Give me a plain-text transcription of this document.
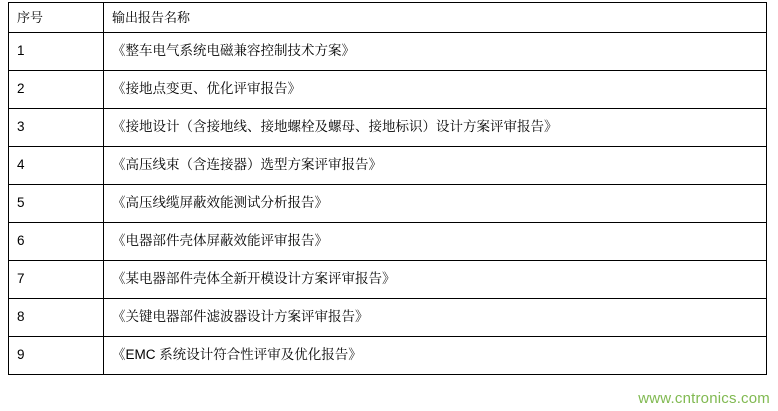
序号	输出报告名称
1	《整车电气系统电磁兼容控制技术方案》
2	《接地点变更、优化评审报告》
3	《接地设计（含接地线、接地螺栓及螺母、接地标识）设计方案评审报告》
4	《高压线束（含连接器）选型方案评审报告》
5	《高压线缆屏蔽效能测试分析报告》
6	《电器部件壳体屏蔽效能评审报告》
7	《某电器部件壳体全新开模设计方案评审报告》
8	《关键电器部件滤波器设计方案评审报告》
9	《EMC 系统设计符合性评审及优化报告》
www.cntronics.com
